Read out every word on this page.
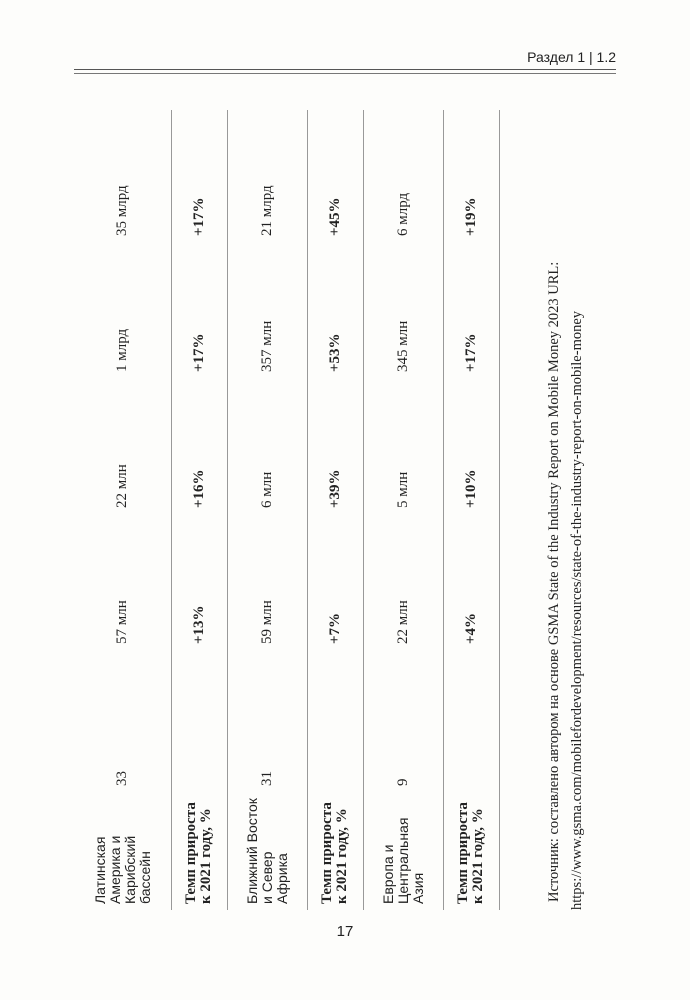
Раздел 1 | 1.2
Латинская Америка и Карибский бассейн	33	57 млн	22 млн	1 млрд	35 млрд
Темп прироста к 2021 году, %		+13%	+16%	+17%	+17%
Ближний Восток и Север Африка	31	59 млн	6 млн	357 млн	21 млрд
Темп прироста к 2021 году, %		+7%	+39%	+53%	+45%
Европа и Центральная Азия	9	22 млн	5 млн	345 млн	6 млрд
Темп прироста к 2021 году, %		+4%	+10%	+17%	+19%
Источник: составлено автором на основе GSMA State of the Industry Report on Mobile Money 2023 URL: https://www.gsma.com/mobilefordevelopment/resources/state-of-the-industry-report-on-mobile-money
17
